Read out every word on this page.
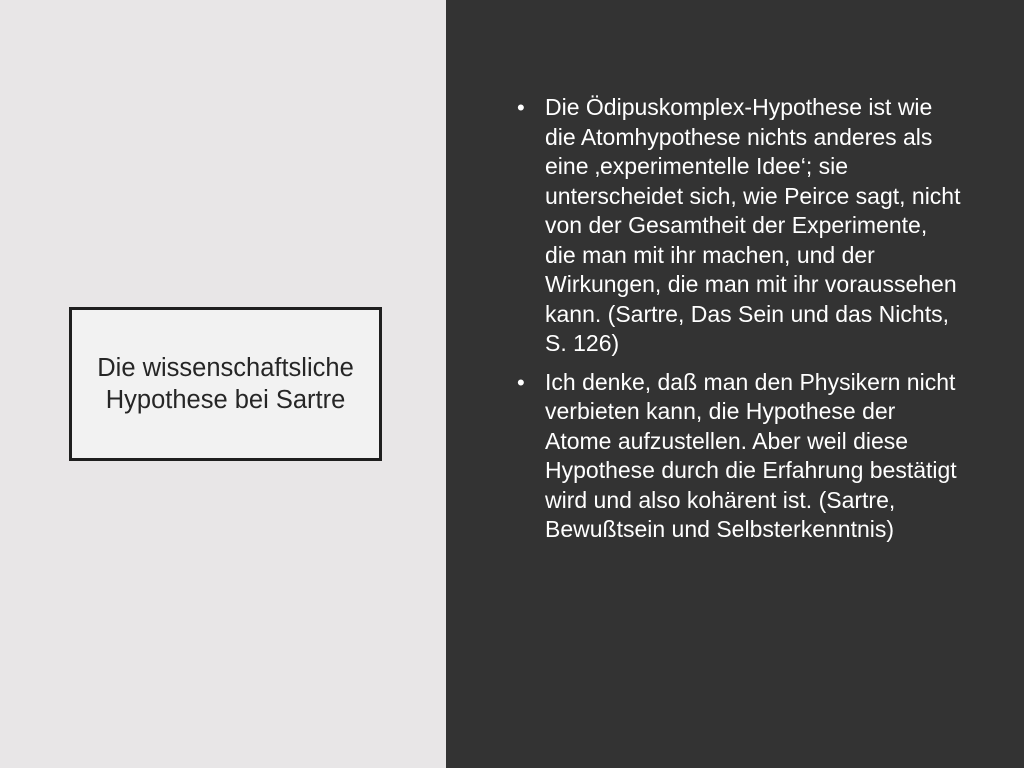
Die wissenschaftsliche Hypothese bei Sartre
• Die Ödipuskomplex-Hypothese ist wie die Atomhypothese nichts anderes als eine ‚experimentelle Idee‘; sie unterscheidet sich, wie Peirce sagt, nicht von der Gesamtheit der Experimente, die man mit ihr machen, und der Wirkungen, die man mit ihr voraussehen kann. (Sartre, Das Sein und das Nichts, S. 126)
• Ich denke, daß man den Physikern nicht verbieten kann, die Hypothese der Atome aufzustellen. Aber weil diese Hypothese durch die Erfahrung bestätigt wird und also kohärent ist. (Sartre, Bewußtsein und Selbsterkenntnis)
